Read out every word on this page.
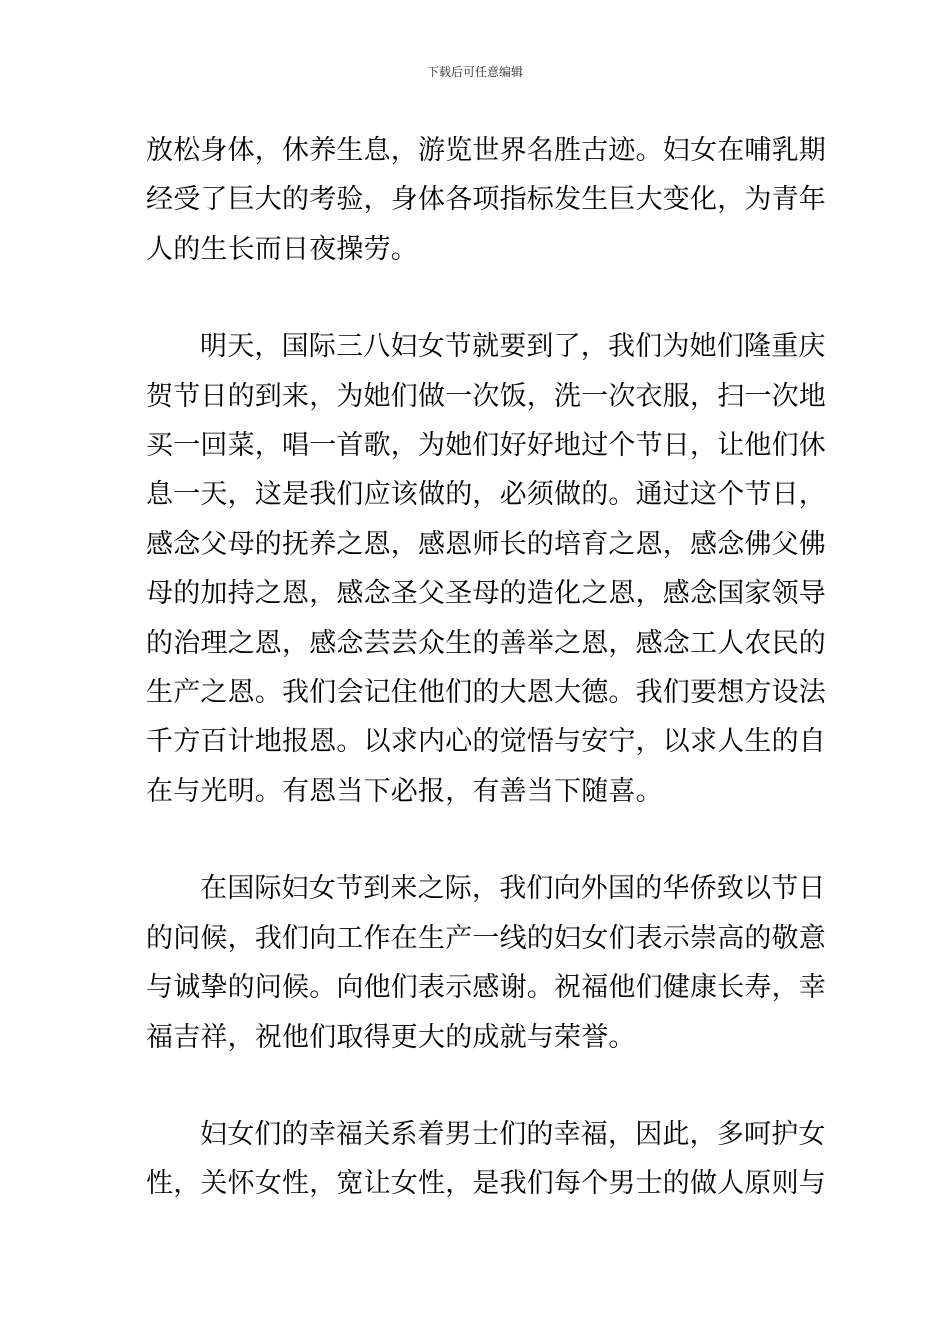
下载后可任意编辑

放松身体，休养生息，游览世界名胜古迹。妇女在哺乳期
经受了巨大的考验，身体各项指标发生巨大变化，为青年
人的生长而日夜操劳。

明天，国际三八妇女节就要到了，我们为她们隆重庆
贺节日的到来，为她们做一次饭，洗一次衣服，扫一次地
买一回菜，唱一首歌，为她们好好地过个节日，让他们休
息一天，这是我们应该做的，必须做的。通过这个节日，
感念父母的抚养之恩，感恩师长的培育之恩，感念佛父佛
母的加持之恩，感念圣父圣母的造化之恩，感念国家领导
的治理之恩，感念芸芸众生的善举之恩，感念工人农民的
生产之恩。我们会记住他们的大恩大德。我们要想方设法
千方百计地报恩。以求内心的觉悟与安宁，以求人生的自
在与光明。有恩当下必报，有善当下随喜。

在国际妇女节到来之际，我们向外国的华侨致以节日
的问候，我们向工作在生产一线的妇女们表示崇高的敬意
与诚挚的问候。向他们表示感谢。祝福他们健康长寿，幸
福吉祥，祝他们取得更大的成就与荣誉。

妇女们的幸福关系着男士们的幸福，因此，多呵护女
性，关怀女性，宽让女性，是我们每个男士的做人原则与
